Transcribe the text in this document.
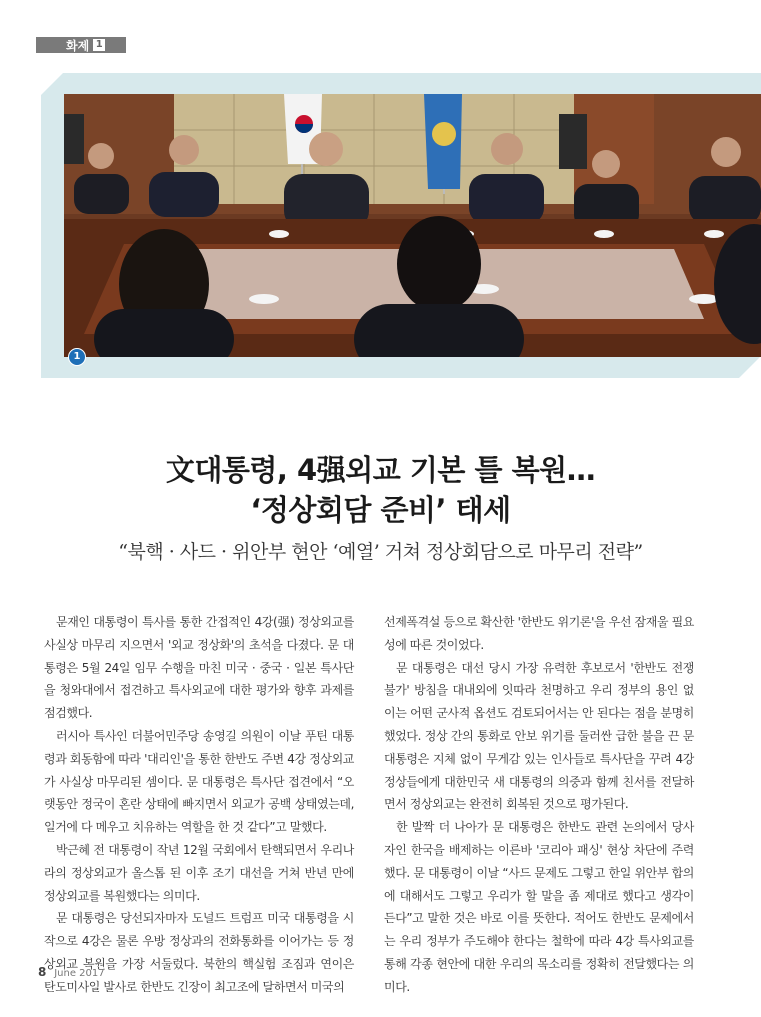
화제 1
1
文대통령, 4强외교 기본 틀 복원…
‘정상회담 준비’ 태세
“북핵 · 사드 · 위안부 현안 ‘예열’ 거쳐 정상회담으로 마무리 전략”

문재인 대통령이 특사를 통한 간접적인 4강(强) 정상외교를 사실상 마무리 지으면서 '외교 정상화'의 초석을 다졌다. 문 대통령은 5월 24일 임무 수행을 마친 미국 · 중국 · 일본 특사단을 청와대에서 접견하고 특사외교에 대한 평가와 향후 과제를 점검했다.

러시아 특사인 더불어민주당 송영길 의원이 이날 푸틴 대통령과 회동함에 따라 '대리인'을 통한 한반도 주변 4강 정상외교가 사실상 마무리된 셈이다. 문 대통령은 특사단 접견에서 “오랫동안 정국이 혼란 상태에 빠지면서 외교가 공백 상태였는데, 일거에 다 메우고 치유하는 역할을 한 것 같다”고 말했다.

박근혜 전 대통령이 작년 12월 국회에서 탄핵되면서 우리나라의 정상외교가 올스톱 된 이후 조기 대선을 거쳐 반년 만에 정상외교를 복원했다는 의미다.

문 대통령은 당선되자마자 도널드 트럼프 미국 대통령을 시작으로 4강은 물론 우방 정상과의 전화통화를 이어가는 등 정상외교 복원을 가장 서둘렀다. 북한의 핵실험 조짐과 연이은 탄도미사일 발사로 한반도 긴장이 최고조에 달하면서 미국의

선제폭격설 등으로 확산한 '한반도 위기론'을 우선 잠재울 필요성에 따른 것이었다.

문 대통령은 대선 당시 가장 유력한 후보로서 '한반도 전쟁 불가' 방침을 대내외에 잇따라 천명하고 우리 정부의 용인 없이는 어떤 군사적 옵션도 검토되어서는 안 된다는 점을 분명히 했었다. 정상 간의 통화로 안보 위기를 둘러싼 급한 불을 끈 문 대통령은 지체 없이 무게감 있는 인사들로 특사단을 꾸려 4강 정상들에게 대한민국 새 대통령의 의중과 함께 친서를 전달하면서 정상외교는 완전히 회복된 것으로 평가된다.

한 발짝 더 나아가 문 대통령은 한반도 관련 논의에서 당사자인 한국을 배제하는 이른바 '코리아 패싱' 현상 차단에 주력했다. 문 대통령이 이날 “사드 문제도 그렇고 한일 위안부 합의에 대해서도 그렇고 우리가 할 말을 좀 제대로 했다고 생각이 든다”고 말한 것은 바로 이를 뜻한다. 적어도 한반도 문제에서는 우리 정부가 주도해야 한다는 철학에 따라 4강 특사외교를 통해 각종 현안에 대한 우리의 목소리를 정확히 전달했다는 의미다.

8 June 2017
